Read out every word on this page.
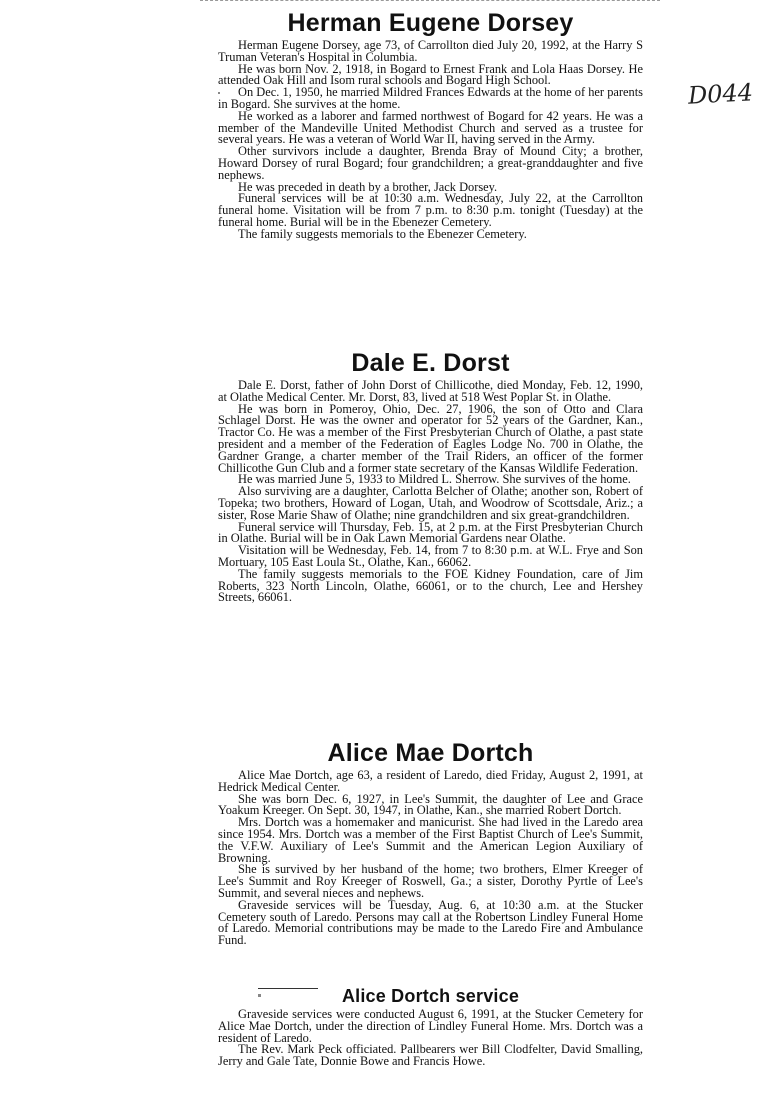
D044
Herman Eugene Dorsey

Herman Eugene Dorsey, age 73, of Carrollton died July 20, 1992, at the Harry S Truman Veteran's Hospital in Columbia.

He was born Nov. 2, 1918, in Bogard to Ernest Frank and Lola Haas Dorsey. He attended Oak Hill and Isom rural schools and Bogard High School.

On Dec. 1, 1950, he married Mildred Frances Edwards at the home of her parents in Bogard. She survives at the home.

He worked as a laborer and farmed northwest of Bogard for 42 years. He was a member of the Mandeville United Methodist Church and served as a trustee for several years. He was a veteran of World War II, having served in the Army.

Other survivors include a daughter, Brenda Bray of Mound City; a brother, Howard Dorsey of rural Bogard; four grandchildren; a great-granddaughter and five nephews.

He was preceded in death by a brother, Jack Dorsey.

Funeral services will be at 10:30 a.m. Wednesday, July 22, at the Carrollton funeral home. Visitation will be from 7 p.m. to 8:30 p.m. tonight (Tuesday) at the funeral home. Burial will be in the Ebenezer Cemetery.

The family suggests memorials to the Ebenezer Cemetery.

Dale E. Dorst

Dale E. Dorst, father of John Dorst of Chillicothe, died Monday, Feb. 12, 1990, at Olathe Medical Center. Mr. Dorst, 83, lived at 518 West Poplar St. in Olathe.

He was born in Pomeroy, Ohio, Dec. 27, 1906, the son of Otto and Clara Schlagel Dorst. He was the owner and operator for 52 years of the Gardner, Kan., Tractor Co. He was a member of the First Presbyterian Church of Olathe, a past state president and a member of the Federation of Eagles Lodge No. 700 in Olathe, the Gardner Grange, a charter member of the Trail Riders, an officer of the former Chillicothe Gun Club and a former state secretary of the Kansas Wildlife Federation.

He was married June 5, 1933 to Mildred L. Sherrow. She survives of the home.

Also surviving are a daughter, Carlotta Belcher of Olathe; another son, Robert of Topeka; two brothers, Howard of Logan, Utah, and Woodrow of Scottsdale, Ariz.; a sister, Rose Marie Shaw of Olathe; nine grandchildren and six great-grandchildren.

Funeral service will Thursday, Feb. 15, at 2 p.m. at the First Presbyterian Church in Olathe. Burial will be in Oak Lawn Memorial Gardens near Olathe.

Visitation will be Wednesday, Feb. 14, from 7 to 8:30 p.m. at W.L. Frye and Son Mortuary, 105 East Loula St., Olathe, Kan., 66062.

The family suggests memorials to the FOE Kidney Foundation, care of Jim Roberts, 323 North Lincoln, Olathe, 66061, or to the church, Lee and Hershey Streets, 66061.

Alice Mae Dortch

Alice Mae Dortch, age 63, a resident of Laredo, died Friday, August 2, 1991, at Hedrick Medical Center.

She was born Dec. 6, 1927, in Lee's Summit, the daughter of Lee and Grace Yoakum Kreeger. On Sept. 30, 1947, in Olathe, Kan., she married Robert Dortch.

Mrs. Dortch was a homemaker and manicurist. She had lived in the Laredo area since 1954. Mrs. Dortch was a member of the First Baptist Church of Lee's Summit, the V.F.W. Auxiliary of Lee's Summit and the American Legion Auxiliary of Browning.

She is survived by her husband of the home; two brothers, Elmer Kreeger of Lee's Summit and Roy Kreeger of Roswell, Ga.; a sister, Dorothy Pyrtle of Lee's Summit, and several nieces and nephews.

Graveside services will be Tuesday, Aug. 6, at 10:30 a.m. at the Stucker Cemetery south of Laredo. Persons may call at the Robertson Lindley Funeral Home of Laredo. Memorial contributions may be made to the Laredo Fire and Ambulance Fund.

Alice Dortch service

Graveside services were conducted August 6, 1991, at the Stucker Cemetery for Alice Mae Dortch, under the direction of Lindley Funeral Home. Mrs. Dortch was a resident of Laredo.

The Rev. Mark Peck officiated. Pallbearers wer Bill Clodfelter, David Smalling, Jerry and Gale Tate, Donnie Bowe and Francis Howe.
